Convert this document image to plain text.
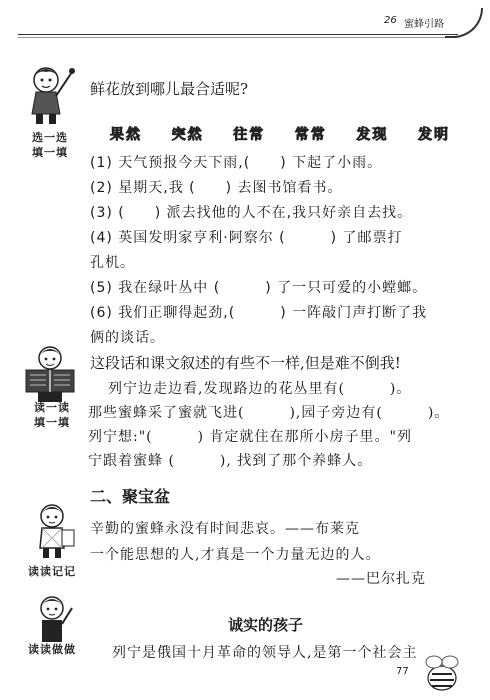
26 蜜蜂引路
选一选
填一填
鲜花放到哪儿最合适呢?
果然 突然 往常 常常 发现 发明
(1) 天气预报今天下雨,(　　) 下起了小雨。
(2) 星期天,我 (　　) 去图书馆看书。
(3) (　　) 派去找他的人不在,我只好亲自去找。
(4) 英国发明家亨利·阿察尔 (　　　) 了邮票打
孔机。
(5) 我在绿叶丛中 (　　　) 了一只可爱的小螳螂。
(6) 我们正聊得起劲,(　　　) 一阵敲门声打断了我
俩的谈话。
读一读
填一填
这段话和课文叙述的有些不一样,但是难不倒我!
列宁边走边看,发现路边的花丛里有(　　　)。
那些蜜蜂采了蜜就飞进(　　　),园子旁边有(　　　)。
列宁想:"(　　　) 肯定就住在那所小房子里。"列
宁跟着蜜蜂 (　　　), 找到了那个养蜂人。
二、聚宝盆
读读记记
辛勤的蜜蜂永没有时间悲哀。——布莱克
一个能思想的人,才真是一个力量无边的人。
——巴尔扎克
读读做做
诚实的孩子
列宁是俄国十月革命的领导人,是第一个社会主
77
